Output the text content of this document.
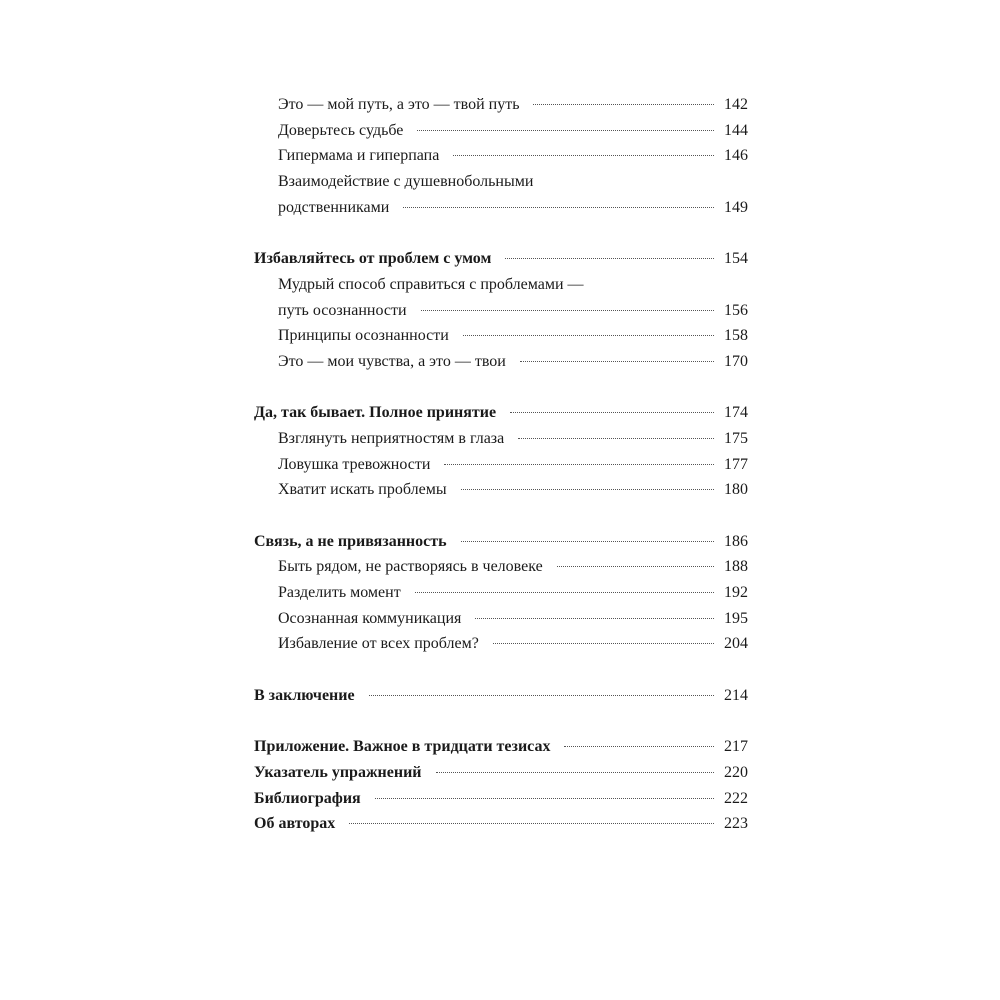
Это — мой путь, а это — твой путь	142
Доверьтесь судьбе	144
Гипермама и гиперпапа	146
Взаимодействие с душевнобольными
родственниками	149
Избавляйтесь от проблем с умом	154
Мудрый способ справиться с проблемами —
путь осознанности	156
Принципы осознанности	158
Это — мои чувства, а это — твои	170
Да, так бывает. Полное принятие	174
Взглянуть неприятностям в глаза	175
Ловушка тревожности	177
Хватит искать проблемы	180
Связь, а не привязанность	186
Быть рядом, не растворяясь в человеке	188
Разделить момент	192
Осознанная коммуникация	195
Избавление от всех проблем?	204
В заключение	214
Приложение. Важное в тридцати тезисах	217
Указатель упражнений	220
Библиография	222
Об авторах	223
